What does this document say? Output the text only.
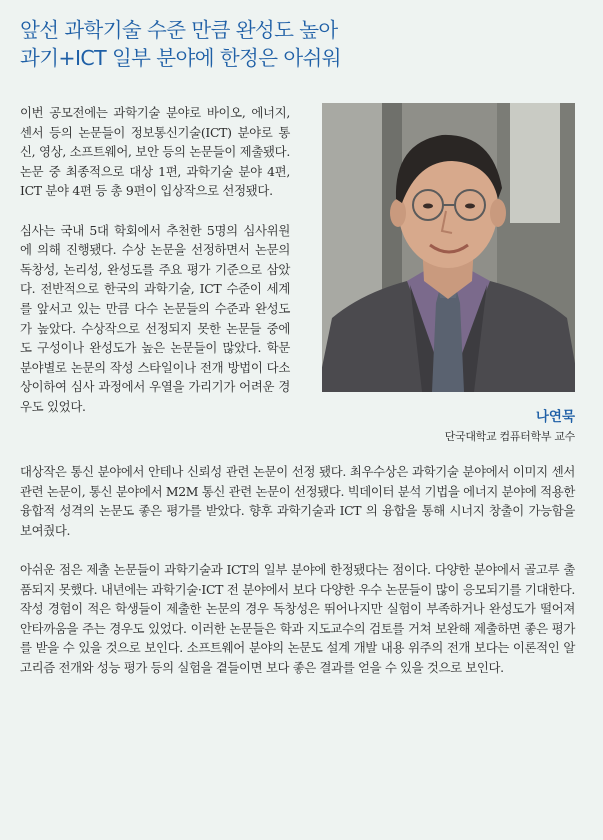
앞선 과학기술 수준 만큼 완성도 높아
과기+ICT 일부 분야에 한정은 아쉬워

이번 공모전에는 과학기술 분야로 바이오, 에너지, 센서 등의 논문들이 정보통신기술(ICT) 분야로 통신, 영상, 소프트웨어, 보안 등의 논문들이 제출됐다. 논문 중 최종적으로 대상 1편, 과학기술 분야 4편, ICT 분야 4편 등 총 9편이 입상작으로 선정됐다.

심사는 국내 5대 학회에서 추천한 5명의 심사위원에 의해 진행됐다. 수상 논문을 선정하면서 논문의 독창성, 논리성, 완성도를 주요 평가 기준으로 삼았다. 전반적으로 한국의 과학기술, ICT 수준이 세계를 앞서고 있는 만큼 다수 논문들의 수준과 완성도가 높았다. 수상작으로 선정되지 못한 논문들 중에도 구성이나 완성도가 높은 논문들이 많았다. 학문 분야별로 논문의 작성 스타일이나 전개 방법이 다소 상이하여 심사 과정에서 우열을 가리기가 어려운 경우도 있었다.

나연묵
단국대학교 컴퓨터학부 교수

대상작은 통신 분야에서 안테나 신뢰성 관련 논문이 선정 됐다. 최우수상은 과학기술 분야에서 이미지 센서 관련 논문이, 통신 분야에서 M2M 통신 관련 논문이 선정됐다. 빅데이터 분석 기법을 에너지 분야에 적용한 융합적 성격의 논문도 좋은 평가를 받았다. 향후 과학기술과 ICT 의 융합을 통해 시너지 창출이 가능함을 보여줬다.

아쉬운 점은 제출 논문들이 과학기술과 ICT의 일부 분야에 한정됐다는 점이다. 다양한 분야에서 골고루 출품되지 못했다. 내년에는 과학기술·ICT 전 분야에서 보다 다양한 우수 논문들이 많이 응모되기를 기대한다. 작성 경험이 적은 학생들이 제출한 논문의 경우 독창성은 뛰어나지만 실험이 부족하거나 완성도가 떨어져 안타까움을 주는 경우도 있었다. 이러한 논문들은 학과 지도교수의 검토를 거쳐 보완해 제출하면 좋은 평가를 받을 수 있을 것으로 보인다. 소프트웨어 분야의 논문도 설계 개발 내용 위주의 전개 보다는 이론적인 알고리즘 전개와 성능 평가 등의 실험을 곁들이면 보다 좋은 결과를 얻을 수 있을 것으로 보인다.
